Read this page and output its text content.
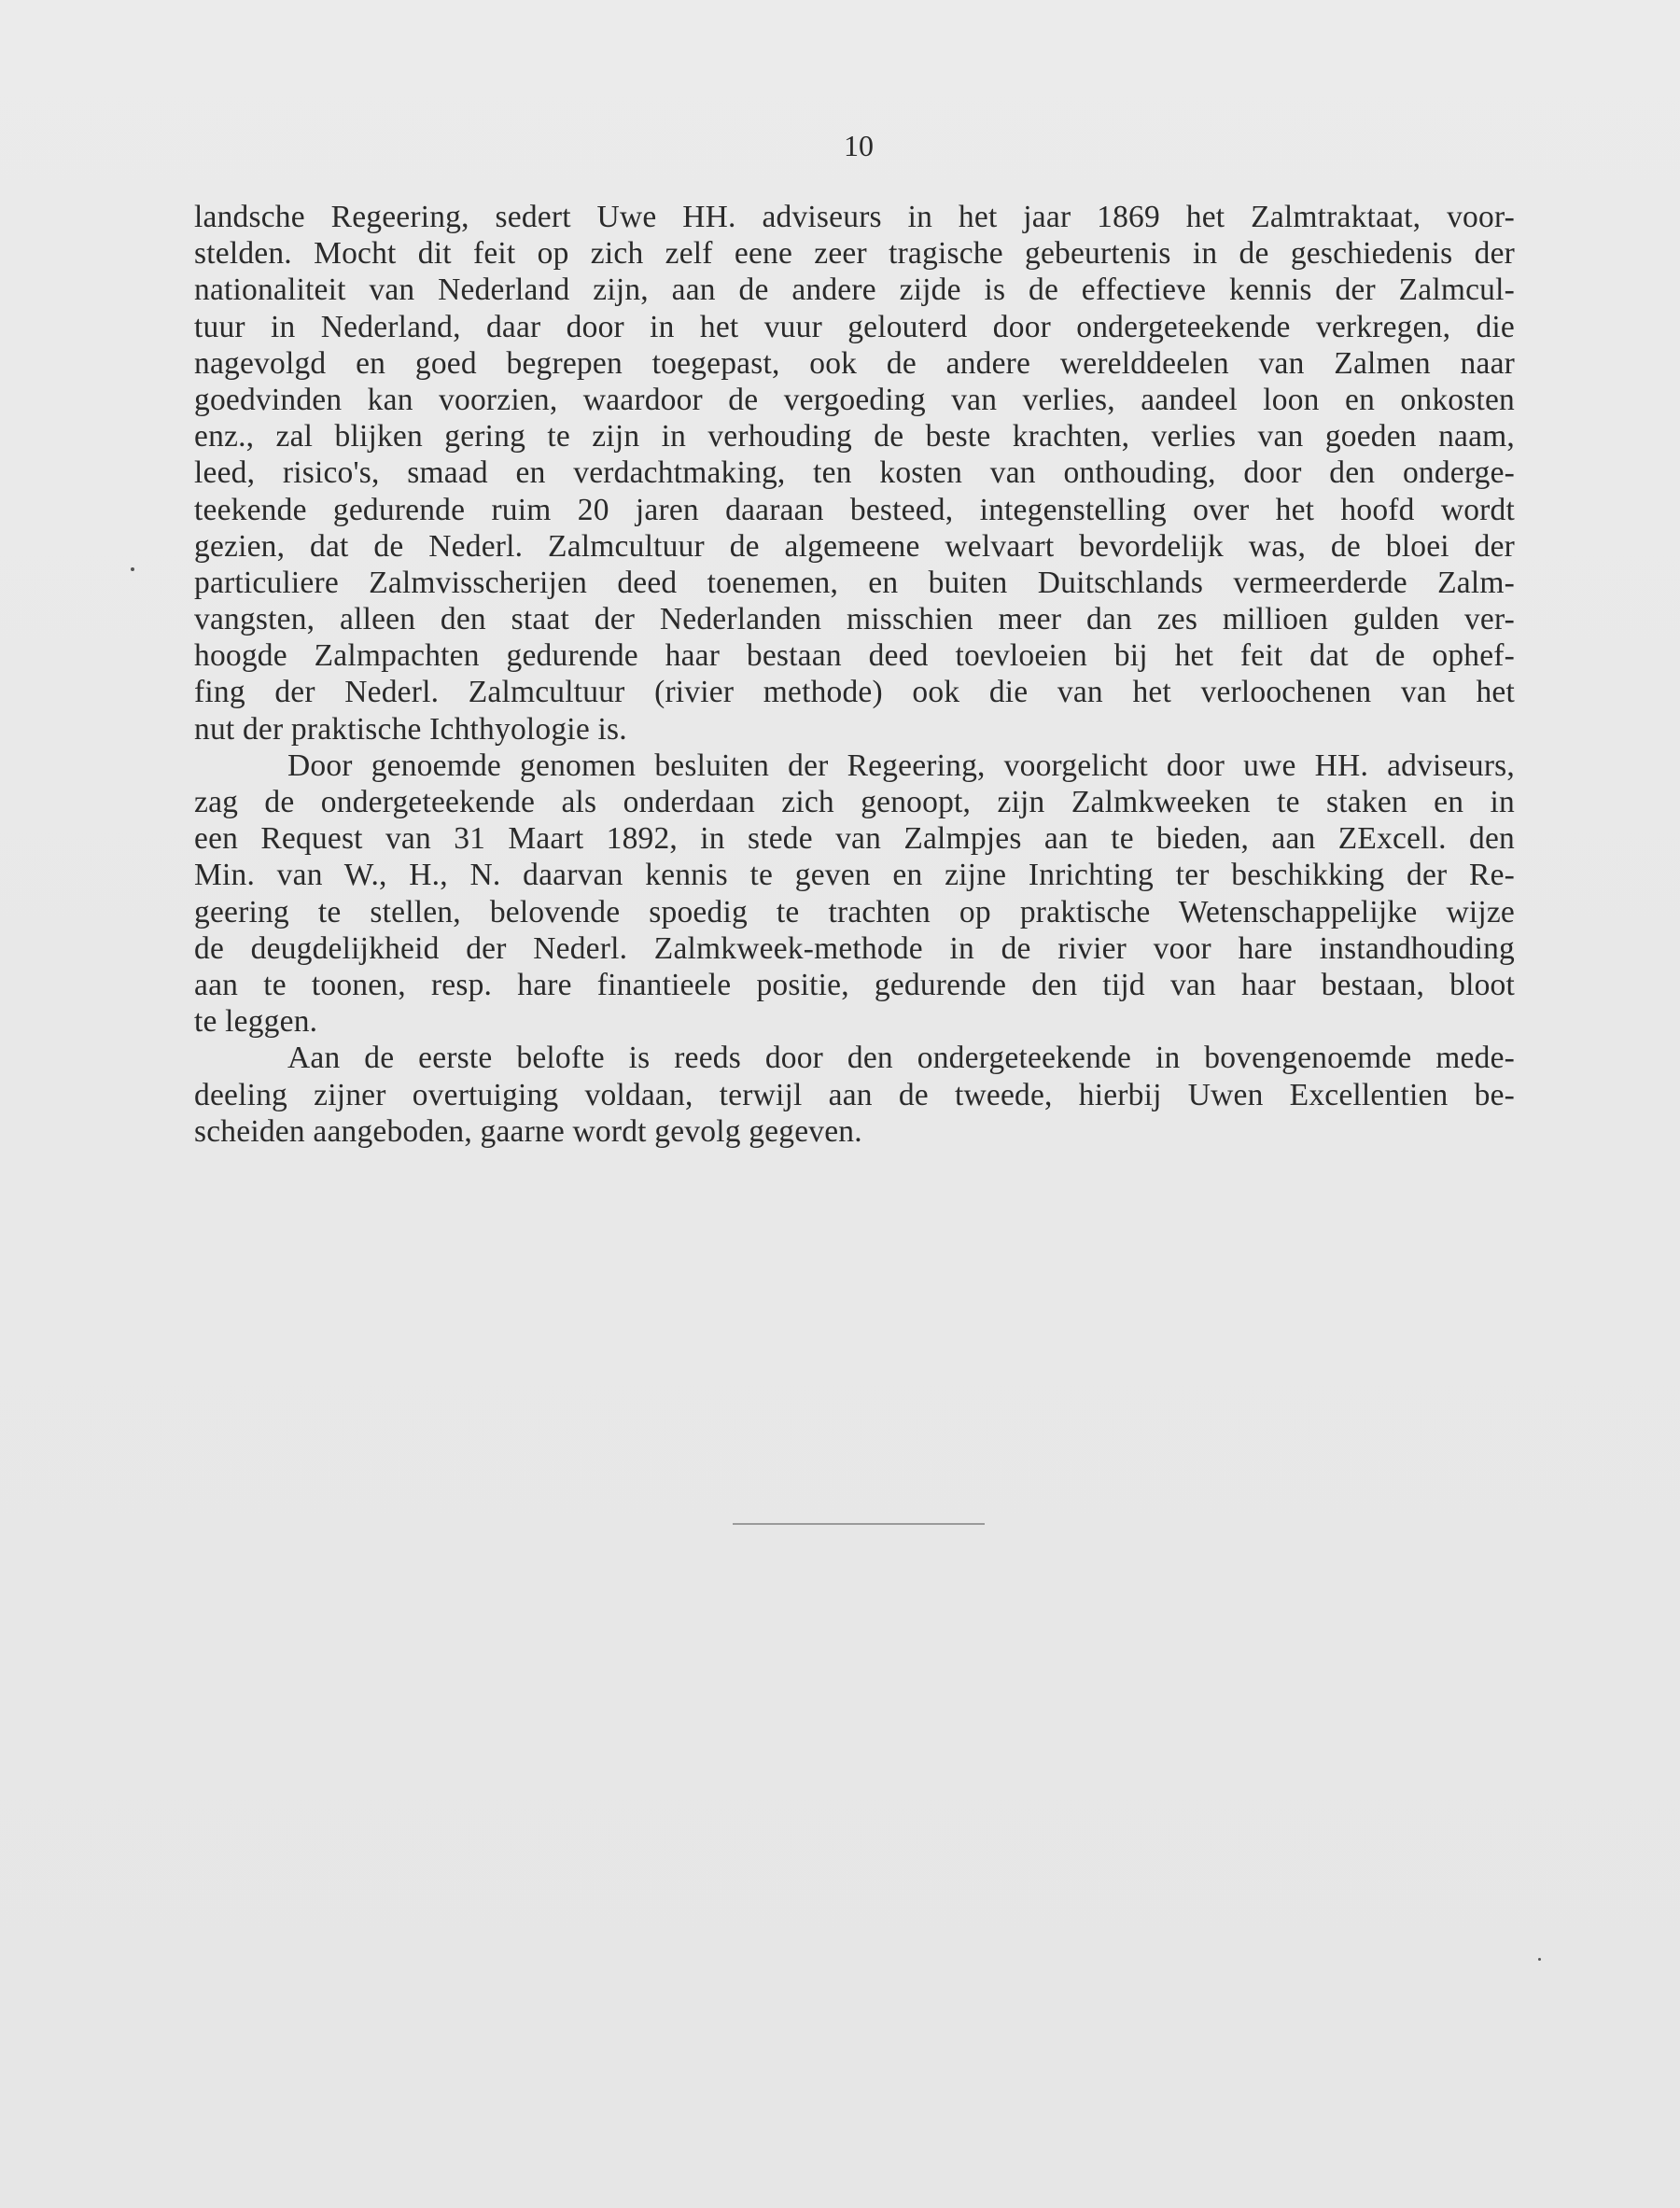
10
landsche Regeering, sedert Uwe HH. adviseurs in het jaar 1869 het Zalmtraktaat, voor-
stelden. Mocht dit feit op zich zelf eene zeer tragische gebeurtenis in de geschiedenis der
nationaliteit van Nederland zijn, aan de andere zijde is de effectieve kennis der Zalmcul-
tuur in Nederland, daar door in het vuur gelouterd door ondergeteekende verkregen, die
nagevolgd en goed begrepen toegepast, ook de andere werelddeelen van Zalmen naar
goedvinden kan voorzien, waardoor de vergoeding van verlies, aandeel loon en onkosten
enz., zal blijken gering te zijn in verhouding de beste krachten, verlies van goeden naam,
leed, risico's, smaad en verdachtmaking, ten kosten van onthouding, door den onderge-
teekende gedurende ruim 20 jaren daaraan besteed, integenstelling over het hoofd wordt
gezien, dat de Nederl. Zalmcultuur de algemeene welvaart bevordelijk was, de bloei der
particuliere Zalmvisscherijen deed toenemen, en buiten Duitschlands vermeerderde Zalm-
vangsten, alleen den staat der Nederlanden misschien meer dan zes millioen gulden ver-
hoogde Zalmpachten gedurende haar bestaan deed toevloeien bij het feit dat de ophef-
fing der Nederl. Zalmcultuur (rivier methode) ook die van het verloochenen van het
nut der praktische Ichthyologie is.
Door genoemde genomen besluiten der Regeering, voorgelicht door uwe HH. adviseurs,
zag de ondergeteekende als onderdaan zich genoopt, zijn Zalmkweeken te staken en in
een Request van 31 Maart 1892, in stede van Zalmpjes aan te bieden, aan ZExcell. den
Min. van W., H., N. daarvan kennis te geven en zijne Inrichting ter beschikking der Re-
geering te stellen, belovende spoedig te trachten op praktische Wetenschappelijke wijze
de deugdelijkheid der Nederl. Zalmkweek-methode in de rivier voor hare instandhouding
aan te toonen, resp. hare finantieele positie, gedurende den tijd van haar bestaan, bloot
te leggen.
Aan de eerste belofte is reeds door den ondergeteekende in bovengenoemde mede-
deeling zijner overtuiging voldaan, terwijl aan de tweede, hierbij Uwen Excellentien be-
scheiden aangeboden, gaarne wordt gevolg gegeven.
